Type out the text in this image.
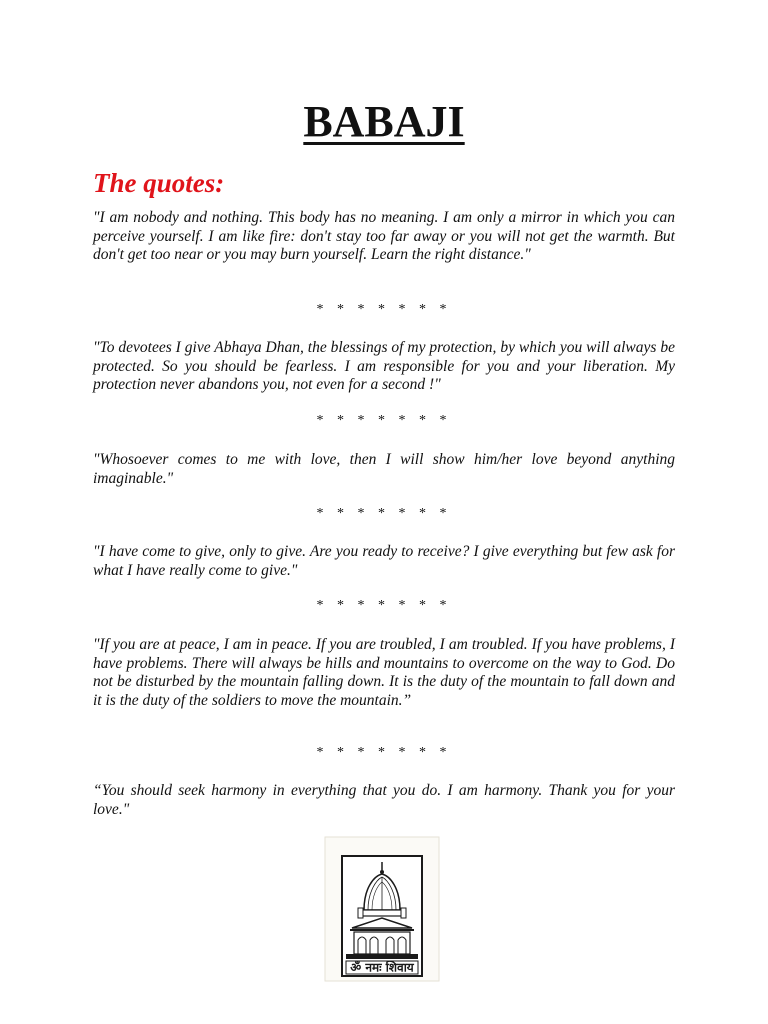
BABAJI
The quotes:

"I am nobody and nothing. This body has no meaning. I am only a mirror in which you can perceive yourself. I am like fire: don't stay too far away or you will not get the warmth. But don't get too near or you may burn yourself. Learn the right distance."

* * * * * * *

"To devotees I give Abhaya Dhan, the blessings of my protection, by which you will always be protected. So you should be fearless. I am responsible for you and your liberation. My protection never abandons you, not even for a second !"

* * * * * * *

"Whosoever comes to me with love, then I will show him/her love beyond anything imaginable."

* * * * * * *

"I have come to give, only to give. Are you ready to receive? I give everything but few ask for what I have really come to give."

* * * * * * *

"If you are at peace, I am in peace. If you are troubled, I am troubled. If you have problems, I have problems. There will always be hills and mountains to overcome on the way to God. Do not be disturbed by the mountain falling down. It is the duty of the mountain to fall down and it is the duty of the soldiers to move the mountain.”

* * * * * * *

“You should seek harmony in everything that you do. I am harmony. Thank you for your love."

ॐ नमः शिवाय
